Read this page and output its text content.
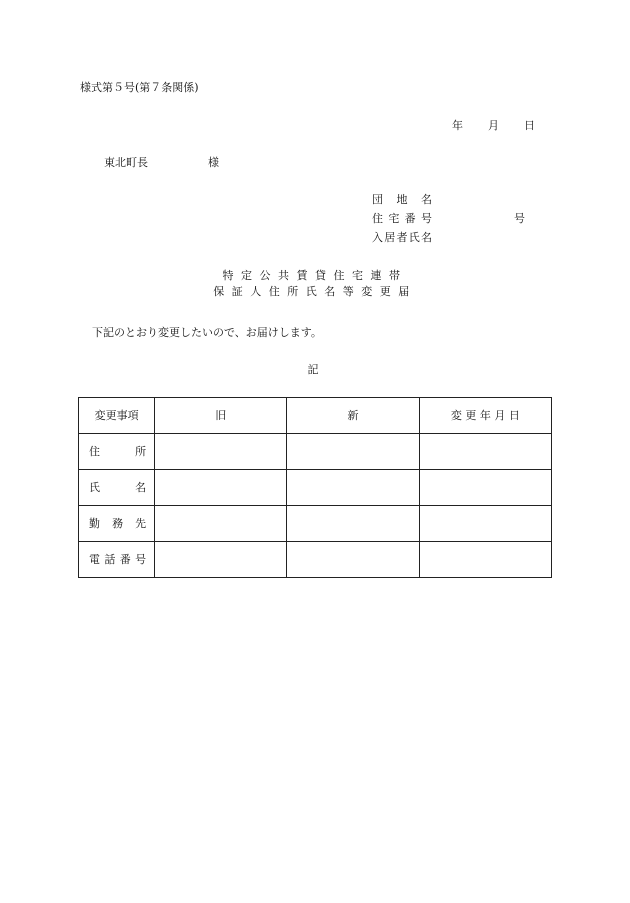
様式第５号(第７条関係)
年 月 日
東北町長	様
団地名
住宅番号	号
入居者氏名
特定公共賃貸住宅連帯
保証人住所氏名等変更届
下記のとおり変更したいので、お届けします。
記
変更事項	旧	新	変 更 年 月 日

住所			

氏名			

勤務先			

電話番号			
